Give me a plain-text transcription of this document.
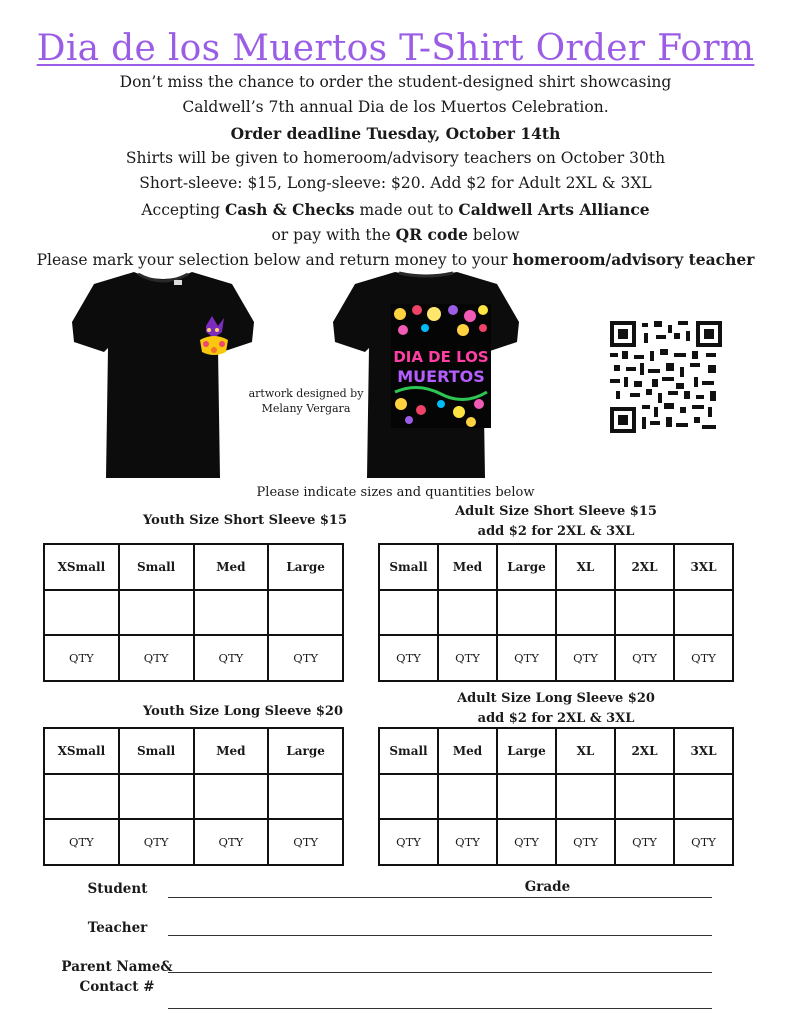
Dia de los Muertos T-Shirt Order Form
Don’t miss the chance to order the student-designed shirt showcasing
Caldwell’s 7th annual Dia de los Muertos Celebration.
Order deadline Tuesday, October 14th
Shirts will be given to homeroom/advisory teachers on October 30th
Short-sleeve: $15, Long-sleeve: $20. Add $2 for Adult 2XL & 3XL
Accepting Cash & Checks made out to Caldwell Arts Alliance
or pay with the QR code below
Please mark your selection below and return money to your homeroom/advisory teacher
artwork designed by
Melany Vergara
DIA DE LOS
MUERTOS
Please indicate sizes and quantities below
Youth Size Short Sleeve $15
XSmall	Small	Med	Large

QTY	QTY	QTY	QTY
Adult Size Short Sleeve $15
add $2 for 2XL & 3XL
Small	Med	Large	XL	2XL	3XL

QTY	QTY	QTY	QTY	QTY	QTY
Youth Size Long Sleeve $20
XSmall	Small	Med	Large

QTY	QTY	QTY	QTY
Adult Size Long Sleeve $20
add $2 for 2XL & 3XL
Small	Med	Large	XL	2XL	3XL

QTY	QTY	QTY	QTY	QTY	QTY
Student	Grade
Teacher
Parent Name&
Contact #
